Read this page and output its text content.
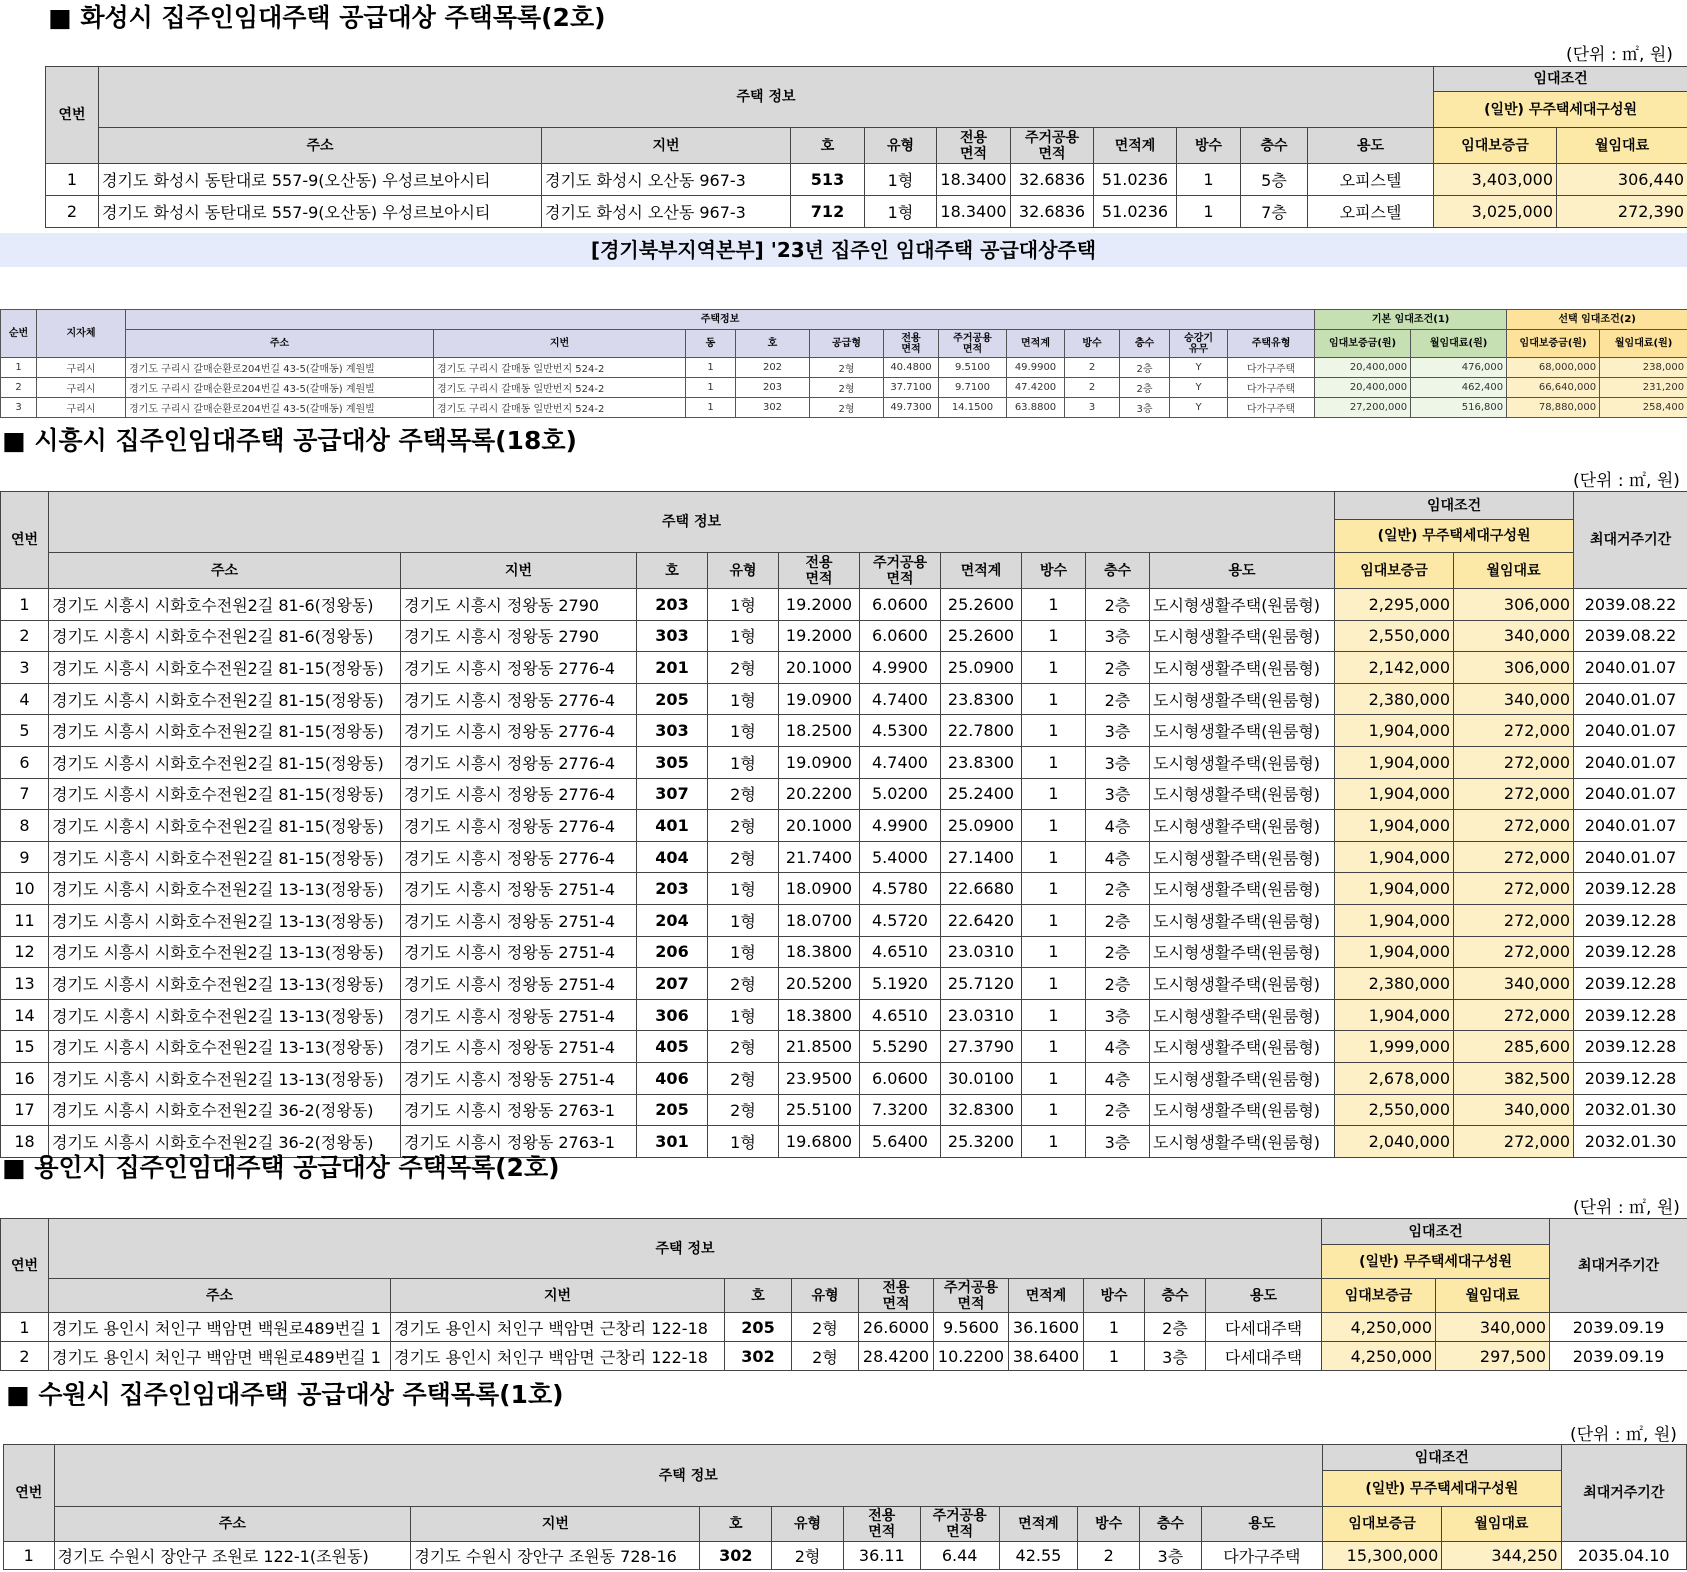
■ 화성시 집주인임대주택 공급대상 주택목록(2호)
(단위 : ㎡, 원)
연번	주택 정보										임대조건	
											(일반) 무주택세대구성원	
	주소	지번	호	유형	전용
면적	주거공용
면적	면적계	방수	층수	용도	임대보증금	월임대료
1	경기도 화성시 동탄대로 557-9(오산동) 우성르보아시티	경기도 화성시 오산동 967-3	513	1형	18.3400	32.6836	51.0236	1	5층	오피스텔	3,403,000	306,440
2	경기도 화성시 동탄대로 557-9(오산동) 우성르보아시티	경기도 화성시 오산동 967-3	712	1형	18.3400	32.6836	51.0236	1	7층	오피스텔	3,025,000	272,390
[경기북부지역본부] '23년 집주인 임대주택 공급대상주택
순번	지자체	주택정보												기본 임대조건(1)		선택 임대조건(2)	
		주소	지번	동	호	공급형	전용
면적	주거공용
면적	면적계	방수	층수	승강기
유무	주택유형	임대보증금(원)	월임대료(원)	임대보증금(원)	월임대료(원)
1	구리시	경기도 구리시 갈매순환로204번길 43-5(갈매동) 계원빌	경기도 구리시 갈매동 일반번지 524-2	1	202	2형	40.4800	9.5100	49.9900	2	2층	Y	다가구주택	20,400,000	476,000	68,000,000	238,000
2	구리시	경기도 구리시 갈매순환로204번길 43-5(갈매동) 계원빌	경기도 구리시 갈매동 일반번지 524-2	1	203	2형	37.7100	9.7100	47.4200	2	2층	Y	다가구주택	20,400,000	462,400	66,640,000	231,200
3	구리시	경기도 구리시 갈매순환로204번길 43-5(갈매동) 계원빌	경기도 구리시 갈매동 일반번지 524-2	1	302	2형	49.7300	14.1500	63.8800	3	3층	Y	다가구주택	27,200,000	516,800	78,880,000	258,400
■ 시흥시 집주인임대주택 공급대상 주택목록(18호)
(단위 : ㎡, 원)
연번	주택 정보										임대조건		최대거주기간
											(일반) 무주택세대구성원		
	주소	지번	호	유형	전용
면적	주거공용
면적	면적계	방수	층수	용도	임대보증금	월임대료	
1	경기도 시흥시 시화호수전원2길 81-6(정왕동)	경기도 시흥시 정왕동 2790	203	1형	19.2000	6.0600	25.2600	1	2층	도시형생활주택(원룸형)	2,295,000	306,000	2039.08.22
2	경기도 시흥시 시화호수전원2길 81-6(정왕동)	경기도 시흥시 정왕동 2790	303	1형	19.2000	6.0600	25.2600	1	3층	도시형생활주택(원룸형)	2,550,000	340,000	2039.08.22
3	경기도 시흥시 시화호수전원2길 81-15(정왕동)	경기도 시흥시 정왕동 2776-4	201	2형	20.1000	4.9900	25.0900	1	2층	도시형생활주택(원룸형)	2,142,000	306,000	2040.01.07
4	경기도 시흥시 시화호수전원2길 81-15(정왕동)	경기도 시흥시 정왕동 2776-4	205	1형	19.0900	4.7400	23.8300	1	2층	도시형생활주택(원룸형)	2,380,000	340,000	2040.01.07
5	경기도 시흥시 시화호수전원2길 81-15(정왕동)	경기도 시흥시 정왕동 2776-4	303	1형	18.2500	4.5300	22.7800	1	3층	도시형생활주택(원룸형)	1,904,000	272,000	2040.01.07
6	경기도 시흥시 시화호수전원2길 81-15(정왕동)	경기도 시흥시 정왕동 2776-4	305	1형	19.0900	4.7400	23.8300	1	3층	도시형생활주택(원룸형)	1,904,000	272,000	2040.01.07
7	경기도 시흥시 시화호수전원2길 81-15(정왕동)	경기도 시흥시 정왕동 2776-4	307	2형	20.2200	5.0200	25.2400	1	3층	도시형생활주택(원룸형)	1,904,000	272,000	2040.01.07
8	경기도 시흥시 시화호수전원2길 81-15(정왕동)	경기도 시흥시 정왕동 2776-4	401	2형	20.1000	4.9900	25.0900	1	4층	도시형생활주택(원룸형)	1,904,000	272,000	2040.01.07
9	경기도 시흥시 시화호수전원2길 81-15(정왕동)	경기도 시흥시 정왕동 2776-4	404	2형	21.7400	5.4000	27.1400	1	4층	도시형생활주택(원룸형)	1,904,000	272,000	2040.01.07
10	경기도 시흥시 시화호수전원2길 13-13(정왕동)	경기도 시흥시 정왕동 2751-4	203	1형	18.0900	4.5780	22.6680	1	2층	도시형생활주택(원룸형)	1,904,000	272,000	2039.12.28
11	경기도 시흥시 시화호수전원2길 13-13(정왕동)	경기도 시흥시 정왕동 2751-4	204	1형	18.0700	4.5720	22.6420	1	2층	도시형생활주택(원룸형)	1,904,000	272,000	2039.12.28
12	경기도 시흥시 시화호수전원2길 13-13(정왕동)	경기도 시흥시 정왕동 2751-4	206	1형	18.3800	4.6510	23.0310	1	2층	도시형생활주택(원룸형)	1,904,000	272,000	2039.12.28
13	경기도 시흥시 시화호수전원2길 13-13(정왕동)	경기도 시흥시 정왕동 2751-4	207	2형	20.5200	5.1920	25.7120	1	2층	도시형생활주택(원룸형)	2,380,000	340,000	2039.12.28
14	경기도 시흥시 시화호수전원2길 13-13(정왕동)	경기도 시흥시 정왕동 2751-4	306	1형	18.3800	4.6510	23.0310	1	3층	도시형생활주택(원룸형)	1,904,000	272,000	2039.12.28
15	경기도 시흥시 시화호수전원2길 13-13(정왕동)	경기도 시흥시 정왕동 2751-4	405	2형	21.8500	5.5290	27.3790	1	4층	도시형생활주택(원룸형)	1,999,000	285,600	2039.12.28
16	경기도 시흥시 시화호수전원2길 13-13(정왕동)	경기도 시흥시 정왕동 2751-4	406	2형	23.9500	6.0600	30.0100	1	4층	도시형생활주택(원룸형)	2,678,000	382,500	2039.12.28
17	경기도 시흥시 시화호수전원2길 36-2(정왕동)	경기도 시흥시 정왕동 2763-1	205	2형	25.5100	7.3200	32.8300	1	2층	도시형생활주택(원룸형)	2,550,000	340,000	2032.01.30
18	경기도 시흥시 시화호수전원2길 36-2(정왕동)	경기도 시흥시 정왕동 2763-1	301	1형	19.6800	5.6400	25.3200	1	3층	도시형생활주택(원룸형)	2,040,000	272,000	2032.01.30
■ 용인시 집주인임대주택 공급대상 주택목록(2호)
(단위 : ㎡, 원)
연번	주택 정보										임대조건		최대거주기간
											(일반) 무주택세대구성원		
	주소	지번	호	유형	전용
면적	주거공용
면적	면적계	방수	층수	용도	임대보증금	월임대료	
1	경기도 용인시 처인구 백암면 백원로489번길 1	경기도 용인시 처인구 백암면 근창리 122-18	205	2형	26.6000	9.5600	36.1600	1	2층	다세대주택	4,250,000	340,000	2039.09.19
2	경기도 용인시 처인구 백암면 백원로489번길 1	경기도 용인시 처인구 백암면 근창리 122-18	302	2형	28.4200	10.2200	38.6400	1	3층	다세대주택	4,250,000	297,500	2039.09.19
■ 수원시 집주인임대주택 공급대상 주택목록(1호)
(단위 : ㎡, 원)
연번	주택 정보										임대조건		최대거주기간
											(일반) 무주택세대구성원		
	주소	지번	호	유형	전용
면적	주거공용
면적	면적계	방수	층수	용도	임대보증금	월임대료	
1	경기도 수원시 장안구 조원로 122-1(조원동)	경기도 수원시 장안구 조원동 728-16	302	2형	36.11	6.44	42.55	2	3층	다가구주택	15,300,000	344,250	2035.04.10
